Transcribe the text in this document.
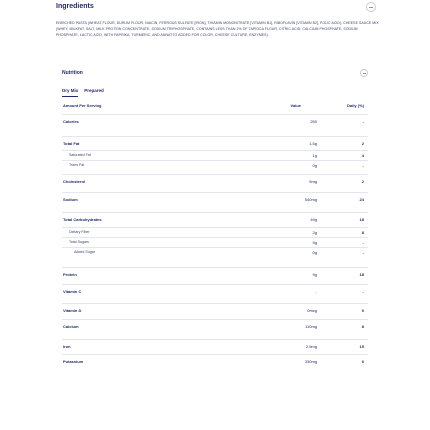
Ingredients
ENRICHED PASTA (WHEAT FLOUR, DURUM FLOUR, NIACIN, FERROUS SULFATE [IRON], THIAMIN MONONITRATE [VITAMIN B1], RIBOFLAVIN [VITAMIN B2], FOLIC ACID), CHEESE SAUCE MIX (WHEY, MILKFAT, SALT, MILK PROTEIN CONCENTRATE, SODIUM TRIPHOSPHATE, CONTAINS LESS THAN 2% OF TAPIOCA FLOUR, CITRIC ACID, CALCIUM PHOSPHATE, SODIUM PHOSPHATE, LACTIC ACID, WITH PAPRIKA, TURMERIC, AND ANNATTO ADDED FOR COLOR, CHEESE CULTURE, ENZYMES).
Nutrition
Dry Mix Prepared
Amount Per Serving	Value	Daily (%)
Calories	250	-
Total Fat	1.5g	2
Saturated Fat	1g	4
Trans Fat	0g	-
Cholesterol	5mg	2
Sodium	540mg	24
Total Carbohydrates	49g	18
Dietary Fiber	2g	8
Total Sugars	9g	-
Added Sugar	0g	-
Protein	9g	18
Vitamin C	-	-
Vitamin D	0mcg	0
Calcium	110mg	8
Iron	2.5mg	15
Potassium	330mg	6
